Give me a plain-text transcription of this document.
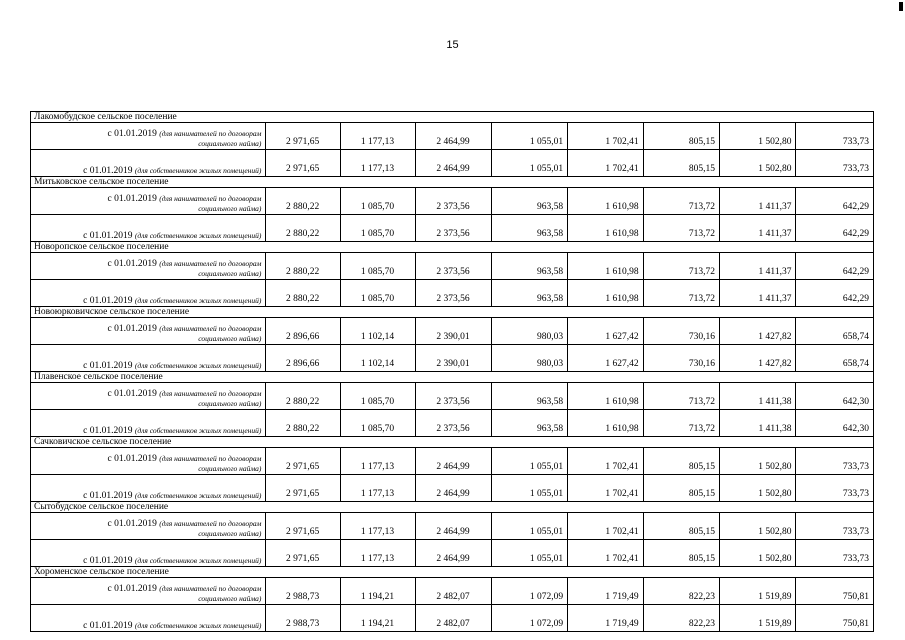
15
Лакомобудское сельское поселение								

с 01.01.2019 (для нанимателей по договорам
социального найма)	2 971,65	1 177,13	2 464,99	1 055,01	1 702,41	805,15	1 502,80	733,73
с 01.01.2019 (для собственников жилых помещений)	2 971,65	1 177,13	2 464,99	1 055,01	1 702,41	805,15	1 502,80	733,73
Митьковское сельское поселение								

с 01.01.2019 (для нанимателей по договорам
социального найма)	2 880,22	1 085,70	2 373,56	963,58	1 610,98	713,72	1 411,37	642,29
с 01.01.2019 (для собственников жилых помещений)	2 880,22	1 085,70	2 373,56	963,58	1 610,98	713,72	1 411,37	642,29
Новоропское сельское поселение								

с 01.01.2019 (для нанимателей по договорам
социального найма)	2 880,22	1 085,70	2 373,56	963,58	1 610,98	713,72	1 411,37	642,29
с 01.01.2019 (для собственников жилых помещений)	2 880,22	1 085,70	2 373,56	963,58	1 610,98	713,72	1 411,37	642,29
Новоюрковичское сельское поселение								

с 01.01.2019 (для нанимателей по договорам
социального найма)	2 896,66	1 102,14	2 390,01	980,03	1 627,42	730,16	1 427,82	658,74
с 01.01.2019 (для собственников жилых помещений)	2 896,66	1 102,14	2 390,01	980,03	1 627,42	730,16	1 427,82	658,74
Плавенское сельское поселение								

с 01.01.2019 (для нанимателей по договорам
социального найма)	2 880,22	1 085,70	2 373,56	963,58	1 610,98	713,72	1 411,38	642,30
с 01.01.2019 (для собственников жилых помещений)	2 880,22	1 085,70	2 373,56	963,58	1 610,98	713,72	1 411,38	642,30
Сачковичское сельское поселение								

с 01.01.2019 (для нанимателей по договорам
социального найма)	2 971,65	1 177,13	2 464,99	1 055,01	1 702,41	805,15	1 502,80	733,73
с 01.01.2019 (для собственников жилых помещений)	2 971,65	1 177,13	2 464,99	1 055,01	1 702,41	805,15	1 502,80	733,73
Сытобудское сельское поселение								

с 01.01.2019 (для нанимателей по договорам
социального найма)	2 971,65	1 177,13	2 464,99	1 055,01	1 702,41	805,15	1 502,80	733,73
с 01.01.2019 (для собственников жилых помещений)	2 971,65	1 177,13	2 464,99	1 055,01	1 702,41	805,15	1 502,80	733,73
Хороменское сельское поселение								

с 01.01.2019 (для нанимателей по договорам
социального найма)	2 988,73	1 194,21	2 482,07	1 072,09	1 719,49	822,23	1 519,89	750,81
с 01.01.2019 (для собственников жилых помещений)	2 988,73	1 194,21	2 482,07	1 072,09	1 719,49	822,23	1 519,89	750,81
